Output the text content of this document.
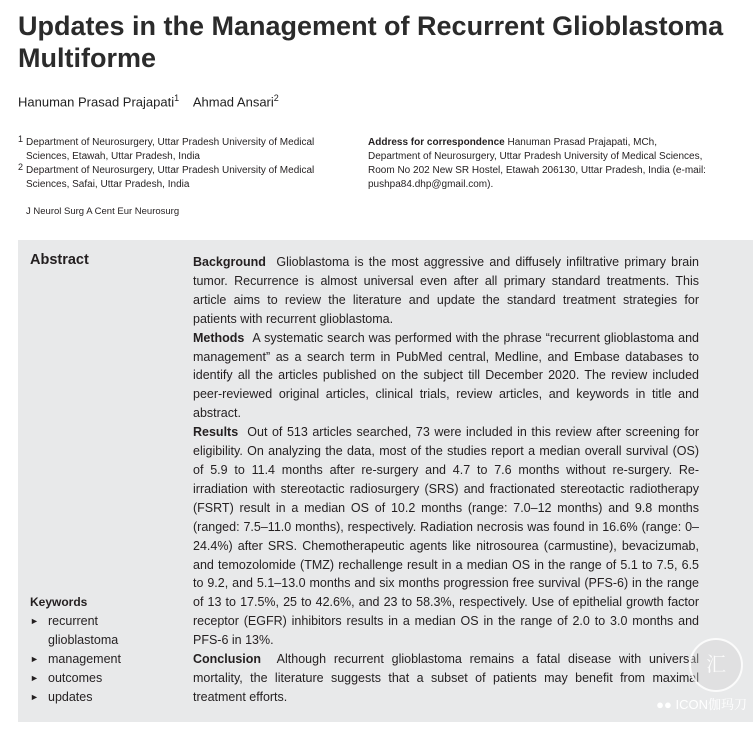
Updates in the Management of Recurrent Glioblastoma Multiforme
Hanuman Prasad Prajapati$^1$ Ahmad Ansari$^2$
1 Department of Neurosurgery, Uttar Pradesh University of Medical Sciences, Etawah, Uttar Pradesh, India
2 Department of Neurosurgery, Uttar Pradesh University of Medical Sciences, Safai, Uttar Pradesh, India
Address for correspondence Hanuman Prasad Prajapati, MCh, Department of Neurosurgery, Uttar Pradesh University of Medical Sciences, Room No 202 New SR Hostel, Etawah 206130, Uttar Pradesh, India (e-mail: pushpa84.dhp@gmail.com).
J Neurol Surg A Cent Eur Neurosurg
Abstract
Keywords
► recurrent glioblastoma
► management
► outcomes
► updates

Background Glioblastoma is the most aggressive and diffusely infiltrative primary brain tumor. Recurrence is almost universal even after all primary standard treatments. This article aims to review the literature and update the standard treatment strategies for patients with recurrent glioblastoma.

Methods A systematic search was performed with the phrase “recurrent glioblastoma and management” as a search term in PubMed central, Medline, and Embase databases to identify all the articles published on the subject till December 2020. The review included peer-reviewed original articles, clinical trials, review articles, and keywords in title and abstract.

Results Out of 513 articles searched, 73 were included in this review after screening for eligibility. On analyzing the data, most of the studies report a median overall survival (OS) of 5.9 to 11.4 months after re-surgery and 4.7 to 7.6 months without re-surgery. Re-irradiation with stereotactic radiosurgery (SRS) and fractionated stereotactic radiotherapy (FSRT) result in a median OS of 10.2 months (range: 7.0–12 months) and 9.8 months (ranged: 7.5–11.0 months), respectively. Radiation necrosis was found in 16.6% (range: 0–24.4%) after SRS. Chemotherapeutic agents like nitrosourea (carmustine), bevacizumab, and temozolomide (TMZ) rechallenge result in a median OS in the range of 5.1 to 7.5, 6.5 to 9.2, and 5.1–13.0 months and six months progression free survival (PFS-6) in the range of 13 to 17.5%, 25 to 42.6%, and 23 to 58.3%, respectively. Use of epithelial growth factor receptor (EGFR) inhibitors results in a median OS in the range of 2.0 to 3.0 months and PFS-6 in 13%.

Conclusion Although recurrent glioblastoma remains a fatal disease with universal mortality, the literature suggests that a subset of patients may benefit from maximal treatment efforts.

汇
●● ICON伽玛刀
